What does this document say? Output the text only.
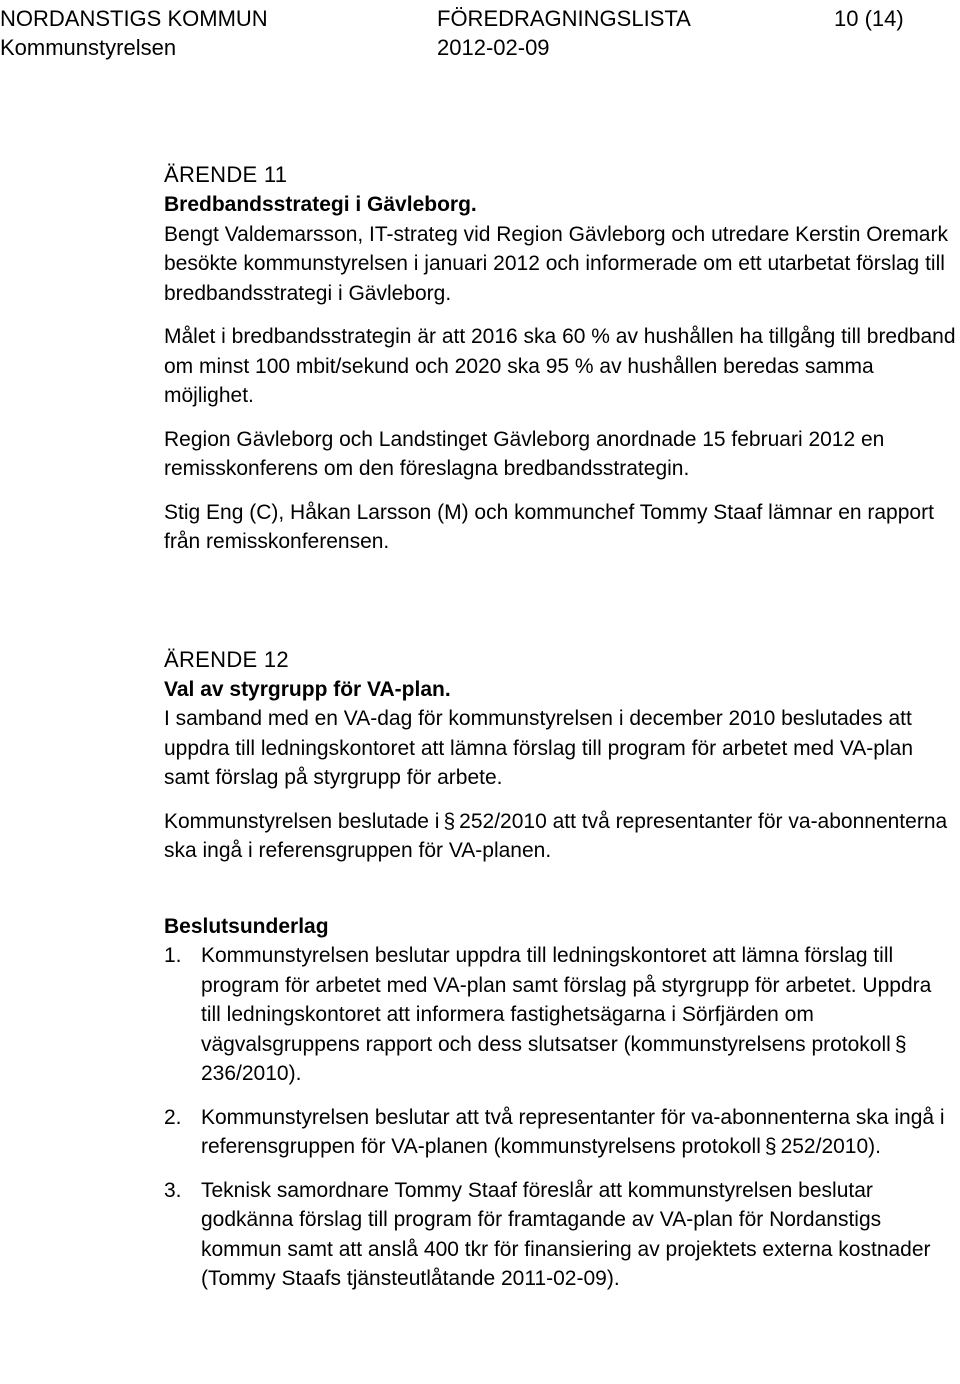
NORDANSTIGS KOMMUN
Kommunstyrelsen
FÖREDRAGNINGSLISTA
2012-02-09
10 (14)

ÄRENDE 11

Bredbandsstrategi i Gävleborg.

Bengt Valdemarsson, IT-strateg vid Region Gävleborg och utredare Kerstin Oremark besökte kommunstyrelsen i januari 2012 och informerade om ett utarbetat förslag till bredbandsstrategi i Gävleborg.

Målet i bredbandsstrategin är att 2016 ska 60 % av hushållen ha tillgång till bredband om minst 100 mbit/sekund och 2020 ska 95 % av hushållen beredas samma möjlighet.

Region Gävleborg och Landstinget Gävleborg anordnade 15 februari 2012 en remisskonferens om den föreslagna bredbandsstrategin.

Stig Eng (C), Håkan Larsson (M) och kommunchef Tommy Staaf lämnar en rapport från remisskonferensen.

ÄRENDE 12

Val av styrgrupp för VA-plan.

I samband med en VA-dag för kommunstyrelsen i december 2010 beslutades att uppdra till ledningskontoret att lämna förslag till program för arbetet med VA-plan samt förslag på styrgrupp för arbete.

Kommunstyrelsen beslutade i § 252/2010 att två representanter för va-abonnenterna ska ingå i referensgruppen för VA-planen.

Beslutsunderlag

1. Kommunstyrelsen beslutar uppdra till ledningskontoret att lämna förslag till program för arbetet med VA-plan samt förslag på styrgrupp för arbetet. Uppdra till ledningskontoret att informera fastighetsägarna i Sörfjärden om vägvalsgruppens rapport och dess slutsatser (kommunstyrelsens protokoll §236/2010).
2. Kommunstyrelsen beslutar att två representanter för va-abonnenterna ska ingå i referensgruppen för VA-planen (kommunstyrelsens protokoll § 252/2010).
3. Teknisk samordnare Tommy Staaf föreslår att kommunstyrelsen beslutar godkänna förslag till program för framtagande av VA-plan för Nordanstigs kommun samt att anslå 400 tkr för finansiering av projektets externa kostnader (Tommy Staafs tjänsteutlåtande 2011-02-09).
